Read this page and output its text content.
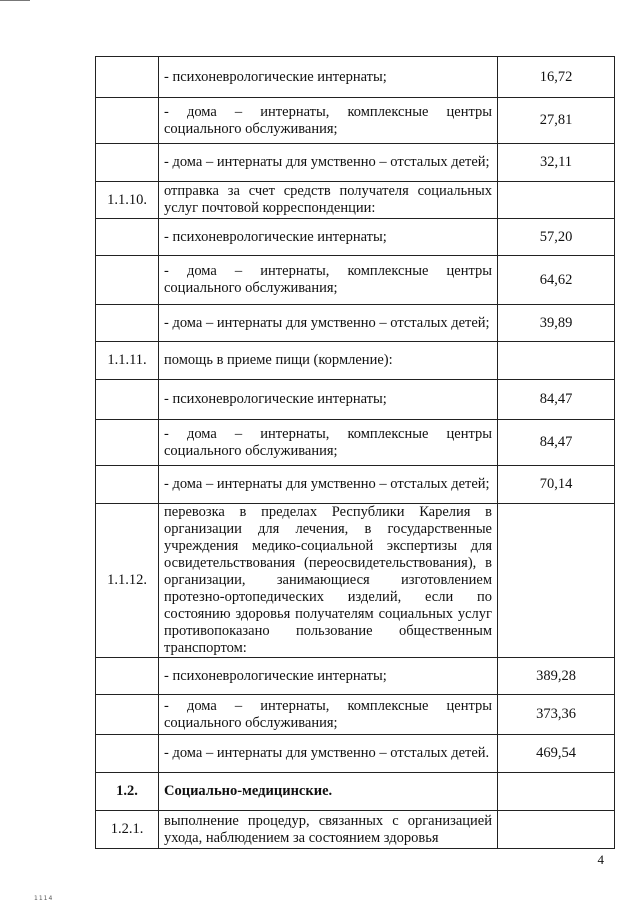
	- психоневрологические интернаты;	16,72
	- дома – интернаты, комплексные центры социального обслуживания;	27,81
	- дома – интернаты для умственно – отсталых детей;	32,11
1.1.10.	отправка за счет средств получателя социальных услуг почтовой корреспонденции:	
	- психоневрологические интернаты;	57,20
	- дома – интернаты, комплексные центры социального обслуживания;	64,62
	- дома – интернаты для умственно – отсталых детей;	39,89
1.1.11.	помощь в приеме пищи (кормление):	
	- психоневрологические интернаты;	84,47
	- дома – интернаты, комплексные центры социального обслуживания;	84,47
	- дома – интернаты для умственно – отсталых детей;	70,14
1.1.12.	перевозка в пределах Республики Карелия в организации для лечения, в государственные учреждения медико-социальной экспертизы для освидетельствования (переосвидетельствования), в организации, занимающиеся изготовлением протезно-ортопедических изделий, если по состоянию здоровья получателям социальных услуг противопоказано пользование общественным транспортом:	
	- психоневрологические интернаты;	389,28
	- дома – интернаты, комплексные центры социального обслуживания;	373,36
	- дома – интернаты для умственно – отсталых детей.	469,54
1.2.	Социально-медицинские.	
1.2.1.	выполнение процедур, связанных с организацией ухода, наблюдением за состоянием здоровья	
4
1114
